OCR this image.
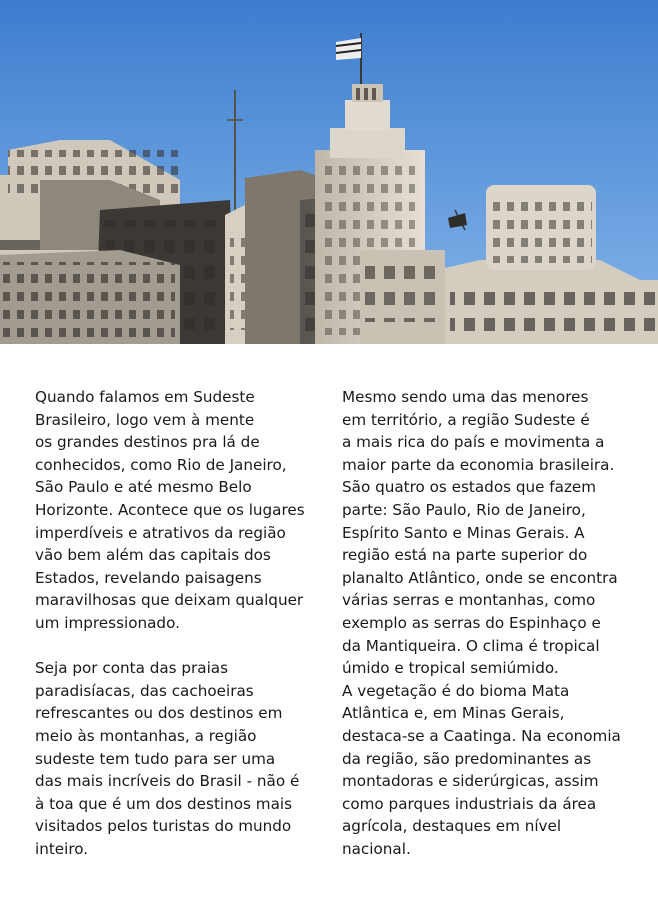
Quando falamos em Sudeste
Brasileiro, logo vem à mente
os grandes destinos pra lá de
conhecidos, como Rio de Janeiro,
São Paulo e até mesmo Belo
Horizonte. Acontece que os lugares
imperdíveis e atrativos da região
vão bem além das capitais dos
Estados, revelando paisagens
maravilhosas que deixam qualquer
um impressionado.
Seja por conta das praias
paradisíacas, das cachoeiras
refrescantes ou dos destinos em
meio às montanhas, a região
sudeste tem tudo para ser uma
das mais incríveis do Brasil - não é
à toa que é um dos destinos mais
visitados pelos turistas do mundo
inteiro.
Mesmo sendo uma das menores
em território, a região Sudeste é
a mais rica do país e movimenta a
maior parte da economia brasileira.
São quatro os estados que fazem
parte: São Paulo, Rio de Janeiro,
Espírito Santo e Minas Gerais. A
região está na parte superior do
planalto Atlântico, onde se encontra
várias serras e montanhas, como
exemplo as serras do Espinhaço e
da Mantiqueira. O clima é tropical
úmido e tropical semiúmido.
A vegetação é do bioma Mata
Atlântica e, em Minas Gerais,
destaca-se a Caatinga. Na economia
da região, são predominantes as
montadoras e siderúrgicas, assim
como parques industriais da área
agrícola, destaques em nível
nacional.
